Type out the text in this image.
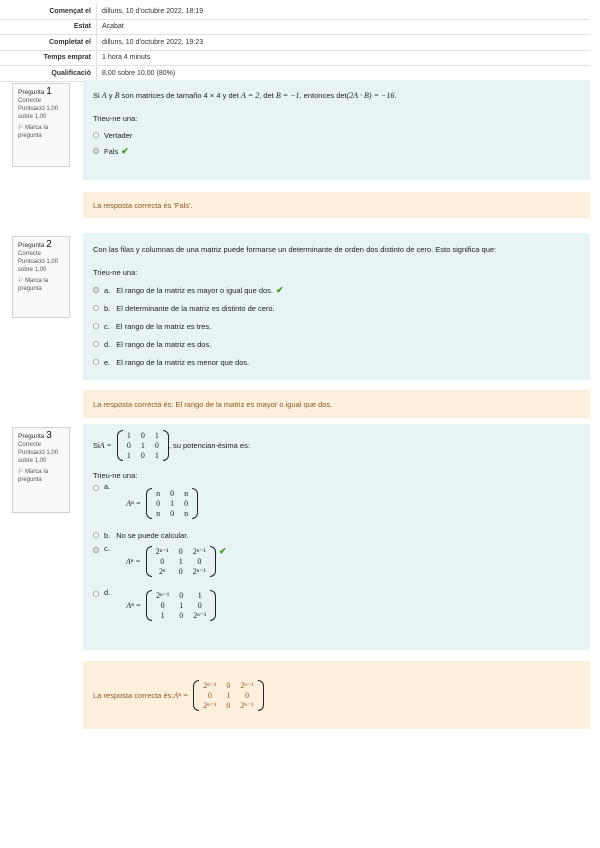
Començat el	dilluns, 10 d’octubre 2022, 18:19
Estat	Acabat
Completat el	dilluns, 10 d’octubre 2022, 19:23
Temps emprat	1 hora 4 minuts
Qualificació	8,00 sobre 10,00 (80%)
Pregunta 1
Correcte
Puntuació 1,00 sobre 1,00
⚐ Marca la pregunta
Si A y B son matrices de tamaño 4 × 4 y det A = 2, det B = −1, entonces det(2A · B) = −16.
Trieu-ne una:
Vertader
Fals ✔
La resposta correcta és 'Fals'.
Pregunta 2
Correcte
Puntuació 1,00 sobre 1,00
⚐ Marca la pregunta
Con las filas y columnas de una matriz puede formarse un determinante de orden dos distinto de cero. Esto significa que:
Trieu-ne una:
a. El rango de la matriz es mayor o igual que dos. ✔
b. El determinante de la matriz es distinto de cero.
c. El rango de la matriz es tres.
d. El rango de la matriz es dos.
e. El rango de la matriz es menor que dos.
La resposta correcta és: El rango de la matriz es mayor o igual que dos.
Pregunta 3
Correcte
Puntuació 1,00 sobre 1,00
⚐ Marca la pregunta
Si A =
1 0 1
0 1 0
1 0 1
, su potencia n -ésima es:
Trieu-ne una:
a.
Aⁿ =
n 0 n
0 1 0
n 0 n
b. No se puede calcular.
c.
Aⁿ =
2ⁿ⁻¹ 0 2ⁿ⁻¹
0	1	0
2ⁿ	0 2ⁿ⁻¹
✔
d.
Aⁿ =
2ⁿ⁻¹ 0	1
0	1	0
1	0 2ⁿ⁻¹
La resposta correcta és: Aⁿ =
2ⁿ⁻¹ 0 2ⁿ⁻¹
0	1	0
2ⁿ⁻¹ 0 2ⁿ⁻¹
